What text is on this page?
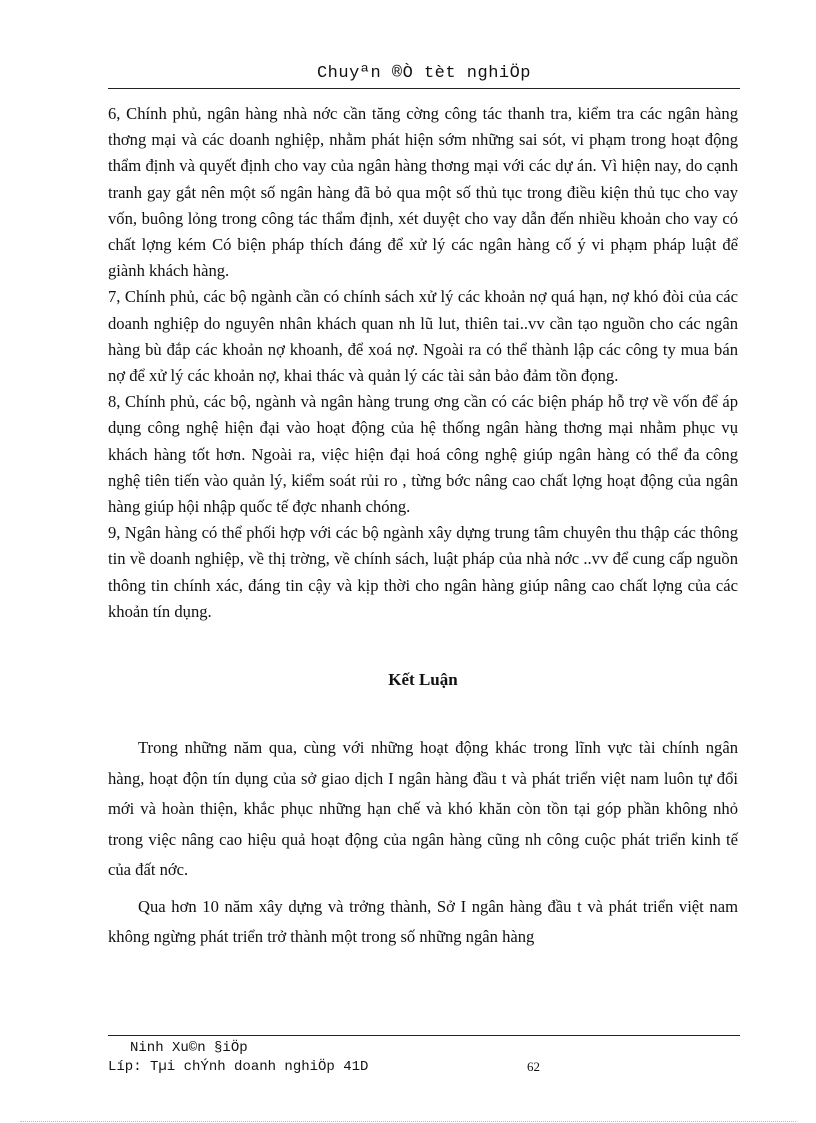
Chuyªn ®Ò tèt nghiÖp

6, Chính phủ, ngân hàng nhà nớc cần tăng cờng công tác thanh tra, kiểm tra các ngân hàng thơng mại và các doanh nghiệp, nhằm phát hiện sớm những sai sót, vi phạm trong hoạt động thẩm định và quyết định cho vay của ngân hàng thơng mại với các dự án. Vì hiện nay, do cạnh tranh gay gắt nên một số ngân hàng đã bỏ qua một số thủ tục trong điều kiện thủ tục cho vay vốn, buông lỏng trong công tác thẩm định, xét duyệt cho vay dẫn đến nhiều khoản cho vay có chất lợng kém Có biện pháp thích đáng để xử lý các ngân hàng cố ý vi phạm pháp luật để giành khách hàng.

7, Chính phủ, các bộ ngành cần có chính sách xử lý các khoản nợ quá hạn, nợ khó đòi của các doanh nghiệp do nguyên nhân khách quan nh lũ lut, thiên tai..vv cần tạo nguồn cho các ngân hàng bù đắp các khoản nợ khoanh, để xoá nợ. Ngoài ra có thể thành lập các công ty mua bán nợ để xử lý các khoản nợ, khai thác và quản lý các tài sản bảo đảm tồn đọng.

8, Chính phủ, các bộ, ngành và ngân hàng trung ơng cần có các biện pháp hỗ trợ về vốn để áp dụng công nghệ hiện đại vào hoạt động của hệ thống ngân hàng thơng mại nhằm phục vụ khách hàng tốt hơn. Ngoài ra, việc hiện đại hoá công nghệ giúp ngân hàng có thể đa công nghệ tiên tiến vào quản lý, kiểm soát rủi ro , từng bớc nâng cao chất lợng hoạt động của ngân hàng giúp hội nhập quốc tế đợc nhanh chóng.

9, Ngân hàng có thể phối hợp với các bộ ngành xây dựng trung tâm chuyên thu thập các thông tin về doanh nghiệp, về thị trờng, về chính sách, luật pháp của nhà nớc ..vv để cung cấp nguồn thông tin chính xác, đáng tin cậy và kịp thời cho ngân hàng giúp nâng cao chất lợng của các khoản tín dụng.

Kết Luận

Trong những năm qua, cùng với những hoạt động khác trong lĩnh vực tài chính ngân hàng, hoạt độn tín dụng của sở giao dịch I ngân hàng đầu t và phát triển việt nam luôn tự đổi mới và hoàn thiện, khắc phục những hạn chế và khó khăn còn tồn tại góp phần không nhỏ trong việc nâng cao hiệu quả hoạt động của ngân hàng cũng nh công cuộc phát triển kinh tế của đất nớc.

Qua hơn 10 năm xây dựng và trởng thành, Sở I ngân hàng đầu t và phát triển việt nam không ngừng phát triển trở thành một trong số những ngân hàng

Ninh Xu©n §iÖp
Líp: Tµi chÝnh doanh nghiÖp 41D	62
